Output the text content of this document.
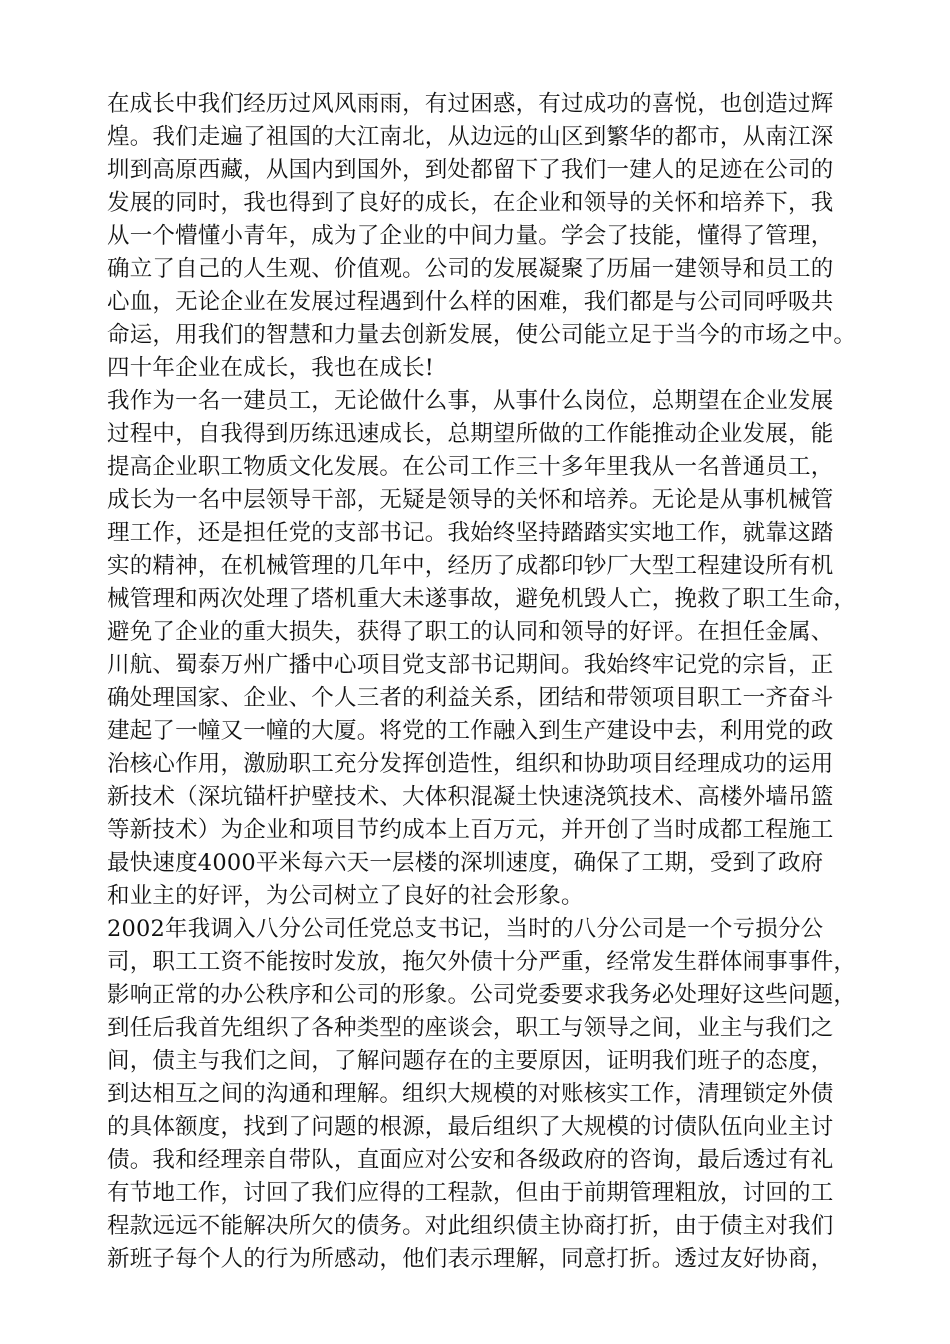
在成长中我们经历过风风雨雨，有过困惑，有过成功的喜悦，也创造过辉
煌。我们走遍了祖国的大江南北，从边远的山区到繁华的都市，从南江深
圳到高原西藏，从国内到国外，到处都留下了我们一建人的足迹在公司的
发展的同时，我也得到了良好的成长，在企业和领导的关怀和培养下，我
从一个懵懂小青年，成为了企业的中间力量。学会了技能，懂得了管理，
确立了自己的人生观、价值观。公司的发展凝聚了历届一建领导和员工的
心血，无论企业在发展过程遇到什么样的困难，我们都是与公司同呼吸共
命运，用我们的智慧和力量去创新发展，使公司能立足于当今的市场之中。
四十年企业在成长，我也在成长!
我作为一名一建员工，无论做什么事，从事什么岗位，总期望在企业发展
过程中，自我得到历练迅速成长，总期望所做的工作能推动企业发展，能
提高企业职工物质文化发展。在公司工作三十多年里我从一名普通员工，
成长为一名中层领导干部，无疑是领导的关怀和培养。无论是从事机械管
理工作，还是担任党的支部书记。我始终坚持踏踏实实地工作，就靠这踏
实的精神，在机械管理的几年中，经历了成都印钞厂大型工程建设所有机
械管理和两次处理了塔机重大未遂事故，避免机毁人亡，挽救了职工生命，
避免了企业的重大损失，获得了职工的认同和领导的好评。在担任金属、
川航、蜀泰万州广播中心项目党支部书记期间。我始终牢记党的宗旨，正
确处理国家、企业、个人三者的利益关系，团结和带领项目职工一齐奋斗
建起了一幢又一幢的大厦。将党的工作融入到生产建设中去，利用党的政
治核心作用，激励职工充分发挥创造性，组织和协助项目经理成功的运用
新技术（深坑锚杆护壁技术、大体积混凝土快速浇筑技术、高楼外墙吊篮
等新技术）为企业和项目节约成本上百万元，并开创了当时成都工程施工
最快速度4000平米每六天一层楼的深圳速度，确保了工期，受到了政府
和业主的好评，为公司树立了良好的社会形象。
2002年我调入八分公司任党总支书记，当时的八分公司是一个亏损分公
司，职工工资不能按时发放，拖欠外债十分严重，经常发生群体闹事事件，
影响正常的办公秩序和公司的形象。公司党委要求我务必处理好这些问题，
到任后我首先组织了各种类型的座谈会，职工与领导之间，业主与我们之
间，债主与我们之间，了解问题存在的主要原因，证明我们班子的态度，
到达相互之间的沟通和理解。组织大规模的对账核实工作，清理锁定外债
的具体额度，找到了问题的根源，最后组织了大规模的讨债队伍向业主讨
债。我和经理亲自带队，直面应对公安和各级政府的咨询，最后透过有礼
有节地工作，讨回了我们应得的工程款，但由于前期管理粗放，讨回的工
程款远远不能解决所欠的债务。对此组织债主协商打折，由于债主对我们
新班子每个人的行为所感动，他们表示理解，同意打折。透过友好协商，
